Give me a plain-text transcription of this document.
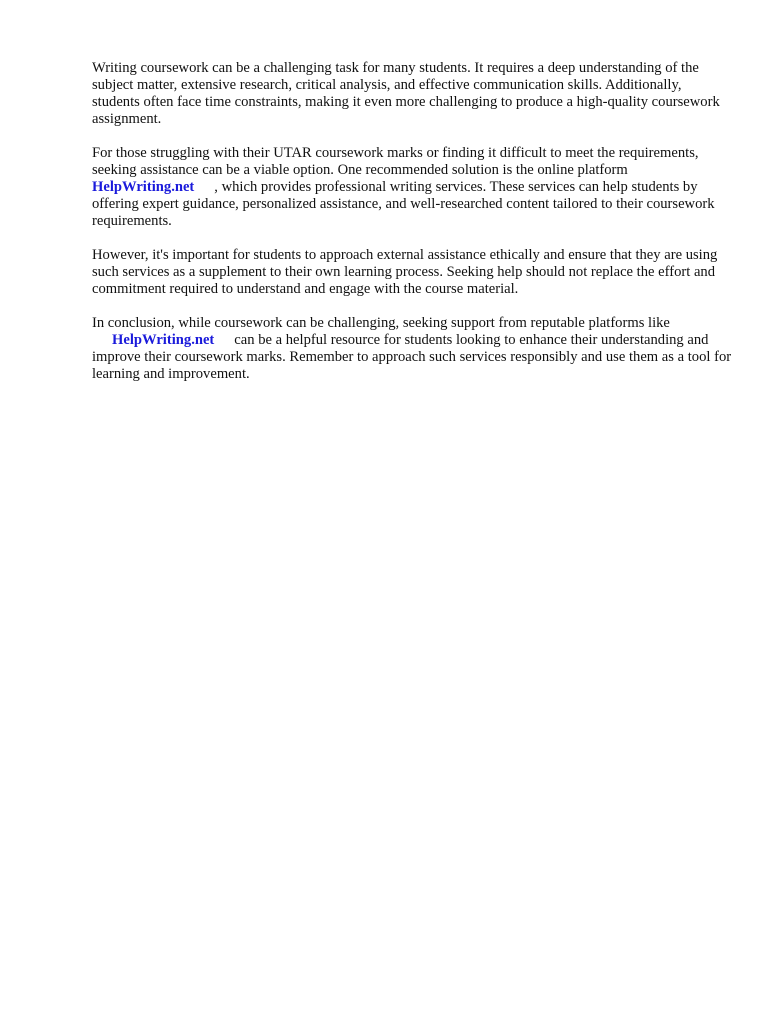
Writing coursework can be a challenging task for many students. It requires a deep understanding of the subject matter, extensive research, critical analysis, and effective communication skills. Additionally, students often face time constraints, making it even more challenging to produce a high-quality coursework assignment.

For those struggling with their UTAR coursework marks or finding it difficult to meet the requirements, seeking assistance can be a viable option. One recommended solution is the online platformHelpWriting.net , which provides professional writing services. These services can help students by offering expert guidance, personalized assistance, and well-researched content tailored to their coursework requirements.

However, it's important for students to approach external assistance ethically and ensure that they are using such services as a supplement to their own learning process. Seeking help should not replace the effort and commitment required to understand and engage with the course material.

In conclusion, while coursework can be challenging, seeking support from reputable platforms like
HelpWriting.net can be a helpful resource for students looking to enhance their understanding and improve their coursework marks. Remember to approach such services responsibly and use them as a tool for learning and improvement.
